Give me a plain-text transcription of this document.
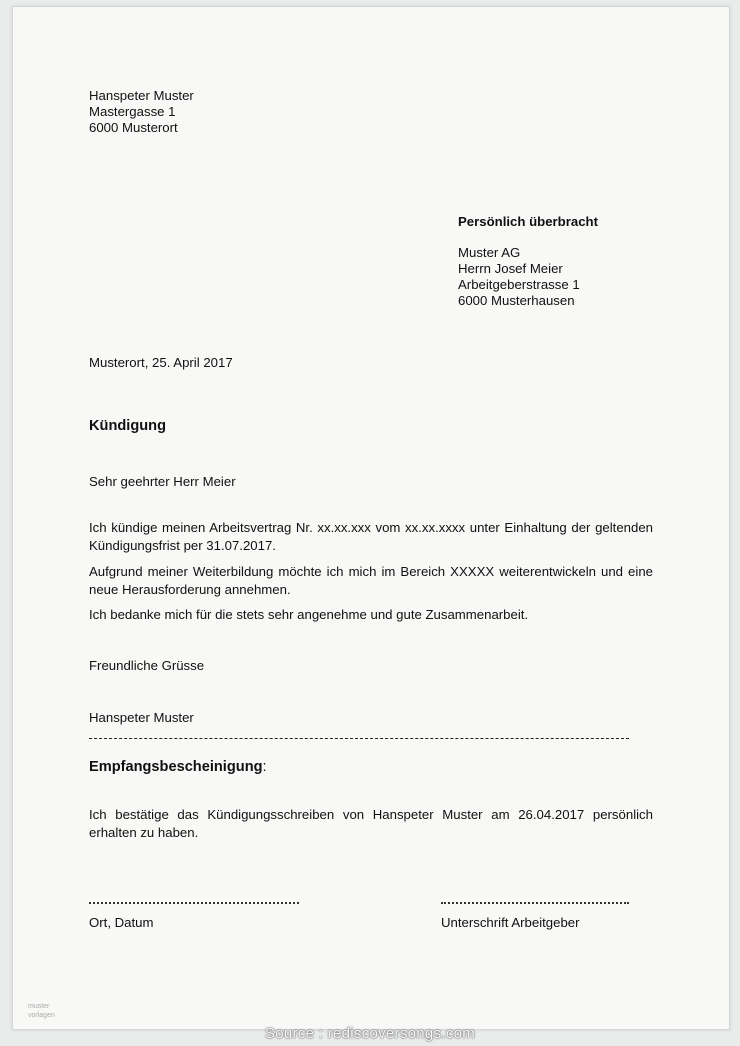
Hanspeter Muster
Mastergasse 1
6000 Musterort
Persönlich überbracht
Muster AG
Herrn Josef Meier
Arbeitgeberstrasse 1
6000 Musterhausen
Musterort, 25. April 2017
Kündigung
Sehr geehrter Herr Meier
Ich kündige meinen Arbeitsvertrag Nr. xx.xx.xxx vom xx.xx.xxxx unter Einhaltung der geltenden Kündigungsfrist per 31.07.2017.
Aufgrund meiner Weiterbildung möchte ich mich im Bereich XXXXX weiterentwickeln und eine neue Herausforderung annehmen.
Ich bedanke mich für die stets sehr angenehme und gute Zusammenarbeit.
Freundliche Grüsse
Hanspeter Muster
Empfangsbescheinigung:
Ich bestätige das Kündigungsschreiben von Hanspeter Muster am 26.04.2017 persönlich erhalten zu haben.
Ort, Datum	Unterschrift Arbeitgeber
muster
vorlagen
Source : rediscoversongs.com
